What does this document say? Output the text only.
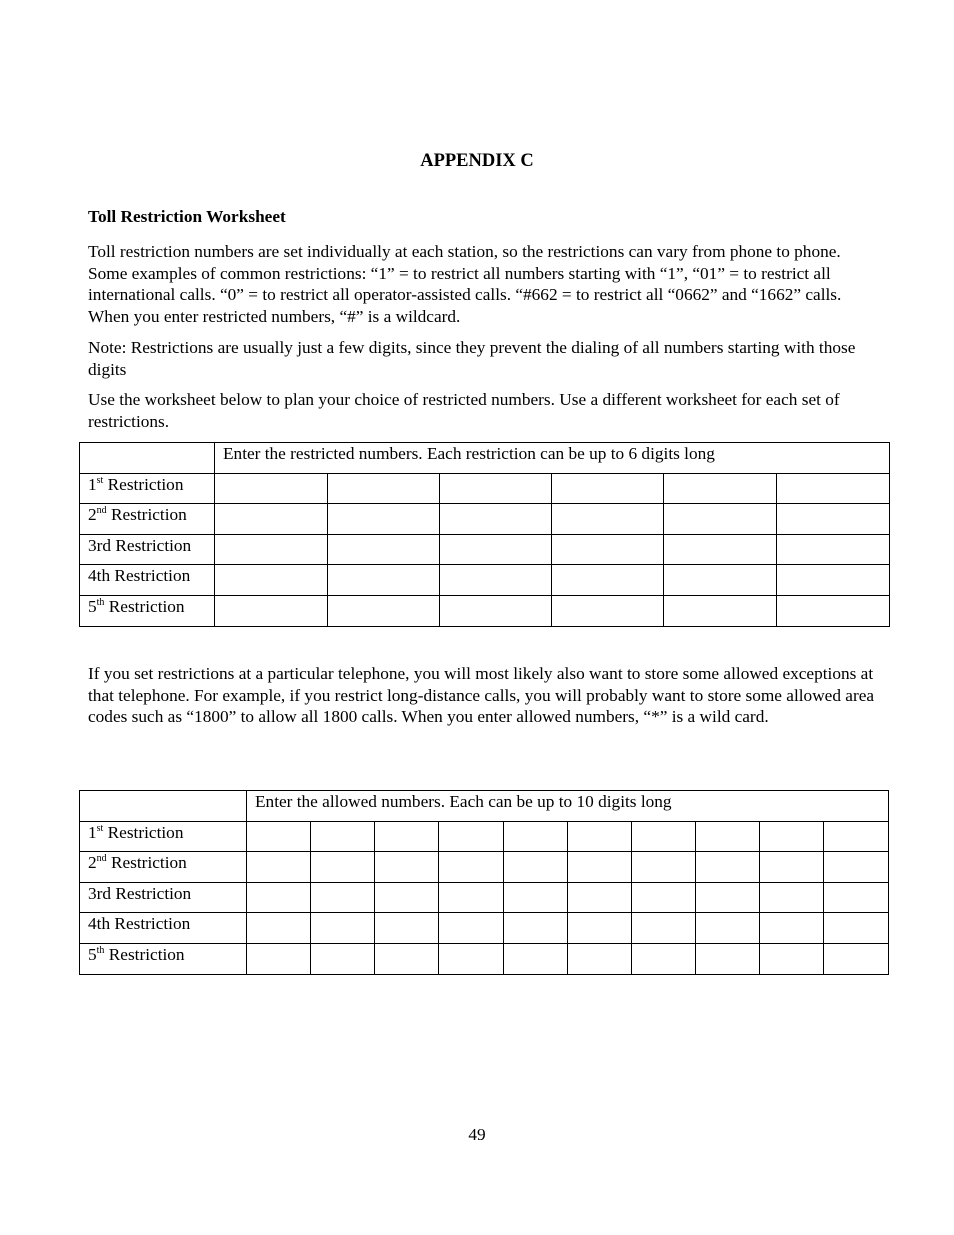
APPENDIX C
Toll Restriction Worksheet

Toll restriction numbers are set individually at each station, so the restrictions can vary from phone to phone. Some examples of common restrictions: “1” = to restrict all numbers starting with “1”, “01” = to restrict all international calls. “0” = to restrict all operator-assisted calls. “#662 = to restrict all “0662” and “1662” calls. When you enter restricted numbers, “#” is a wildcard.

Note: Restrictions are usually just a few digits, since they prevent the dialing of all numbers starting with those digits

Use the worksheet below to plan your choice of restricted numbers. Use a different worksheet for each set of restrictions.

	Enter the restricted numbers. Each restriction can be up to 6 digits long					
1st Restriction						
2nd Restriction						
3rd Restriction						
4th Restriction						
5th Restriction						

If you set restrictions at a particular telephone, you will most likely also want to store some allowed exceptions at that telephone. For example, if you restrict long-distance calls, you will probably want to store some allowed area codes such as “1800” to allow all 1800 calls. When you enter allowed numbers, “*” is a wild card.

	Enter the allowed numbers. Each can be up to 10 digits long									
1st Restriction										
2nd Restriction										
3rd Restriction										
4th Restriction										
5th Restriction										
49
